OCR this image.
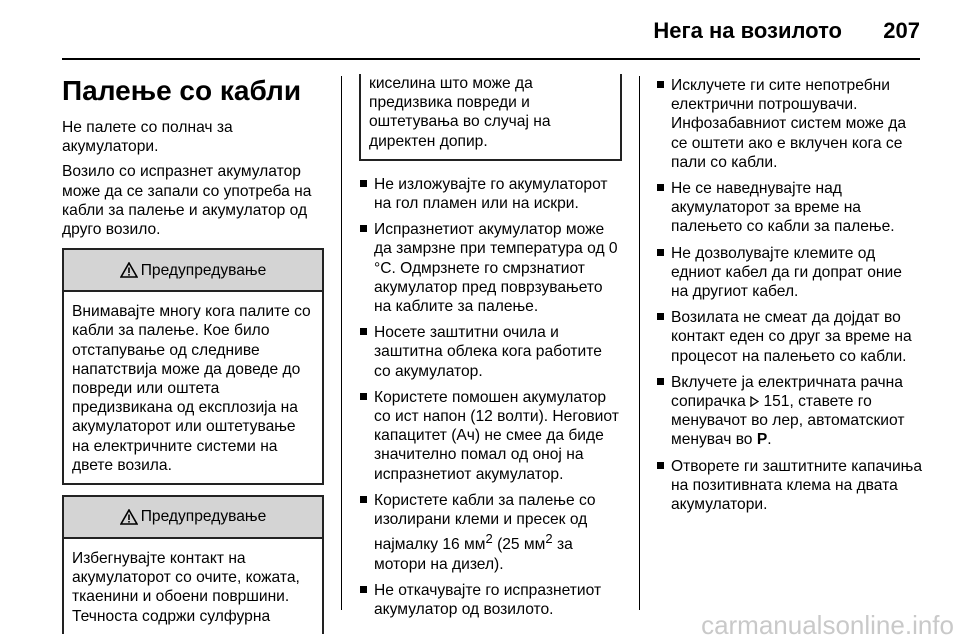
Нега на возилото 207
Палење со кабли

Не палете со полнач за акумулатори.

Возило со испразнет акумулатор може да се запали со употреба на кабли за палење и акумулатор од друго возило.

Предупредување
Внимавајте многу кога палите со кабли за палење. Кое било отстапување од следниве напатствија може да доведе до повреди или оштета предизвикана од експлозија на акумулаторот или оштетување на електричните системи на двете возила.
Предупредување
Избегнувајте контакт на акумулаторот со очите, кожата, ткаенини и обоени површини. Течноста содржи сулфурна
киселина што може да предизвика повреди и оштетувања во случај на директен допир.
Не изложувајте го акумулаторот на гол пламен или на искри.
Испразнетиот акумулатор може да замрзне при температура од 0 °C. Одмрзнете го смрзнатиот акумулатор пред поврзувањето на каблите за палење.
Носете заштитни очила и заштитна облека кога работите со акумулатор.
Користете помошен акумулатор со ист напон (12 волти). Неговиот капацитет (Ач) не смее да биде значително помал од оној на испразнетиот акумулатор.
Користете кабли за палење со изолирани клеми и пресек од најмалку 16 $мм^2$ (25 $мм^2$ за мотори на дизел).
Не откачувајте го испразнетиот акумулатор од возилото.
Исклучете ги сите непотребни електрични потрошувачи. Инфозабавниот систем може да се оштети ако е вклучен кога се пали со кабли.
Не се наведнувајте над акумулаторот за време на палењето со кабли за палење.
Не дозволувајте клемите од едниот кабел да ги допрат оние на другиот кабел.
Возилата не смеат да дојдат во контакт еден со друг за време на процесот на палењето со кабли.
Вклучете ја електричната рачна сопирачка  151, ставете го менувачот во лер, автоматскиот менувач во P.
Отворете ги заштитните капачиња на позитивната клема на двата акумулатори.
carmanualsonline.info
